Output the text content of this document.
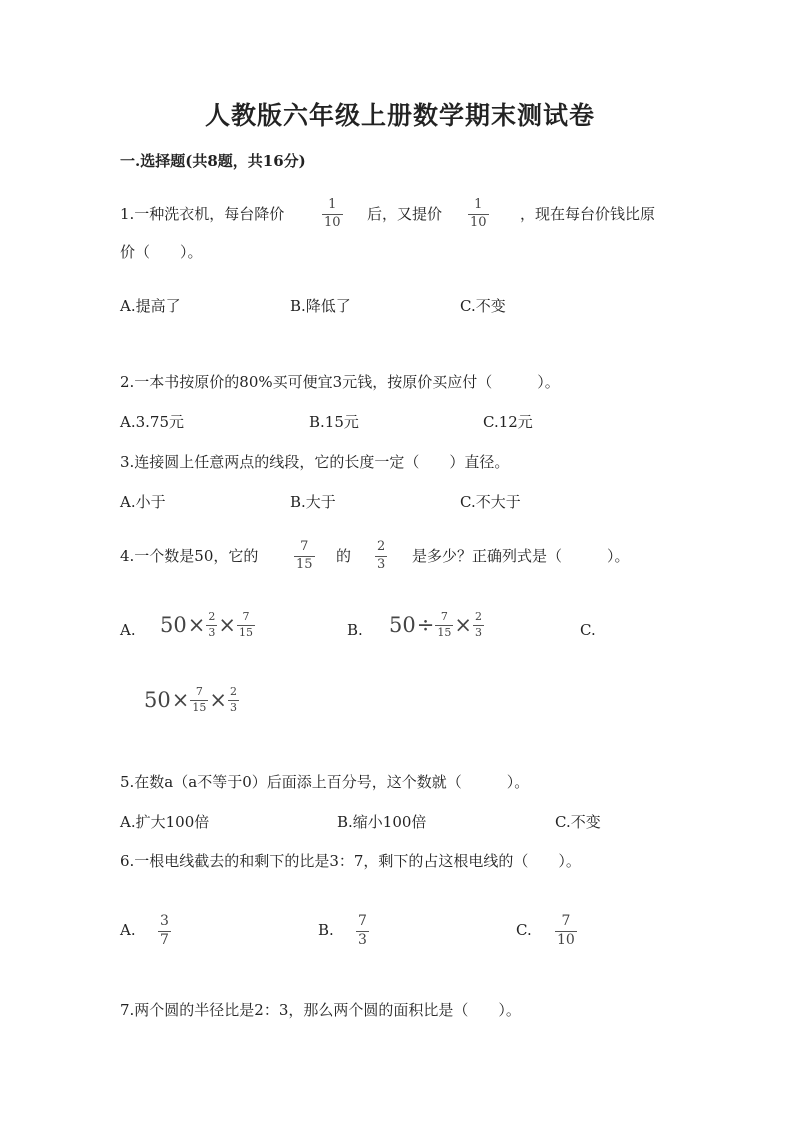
人教版六年级上册数学期末测试卷
一.选择题(共8题，共16分)
1.一种洗衣机，每台降价
1
10 后，又提价
1
10 ，现在每台价钱比原
价（　　）。
A.提高了	B.降低了	C.不变
2.一本书按原价的80%买可便宜3元钱，按原价买应付（　　　）。
A.3.75元	B.15元	C.12元
3.连接圆上任意两点的线段，它的长度一定（　　）直径。
A.小于	B.大于	C.不大于
4.一个数是50，它的
7
15 的
2
3 是多少？正确列式是（　　　）。
A. $50 \times \frac{2}{3} \times \frac{7}{15}$	B. $50 \div \frac{7}{15} \times \frac{2}{3}$	C.
$50 \times \frac{7}{15} \times \frac{2}{3}$
5.在数a（a不等于0）后面添上百分号，这个数就（　　　）。
A.扩大100倍	B.缩小100倍	C.不变
6.一根电线截去的和剩下的比是3：7，剩下的占这根电线的（　　）。
A. 3
7
B. 7
3
C. 7
10
7.两个圆的半径比是2：3，那么两个圆的面积比是（　　）。
